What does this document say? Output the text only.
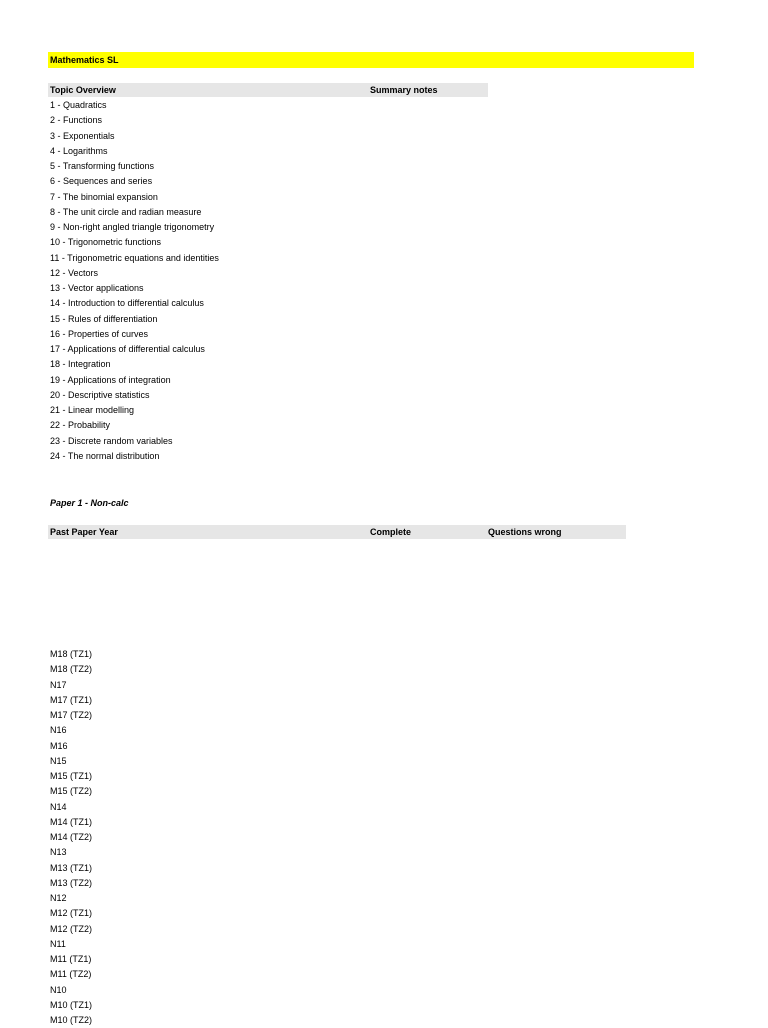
Mathematics SL
Topic Overview	Summary notes
1 - Quadratics
2 - Functions
3 - Exponentials
4 - Logarithms
5 - Transforming functions
6 - Sequences and series
7 - The binomial expansion
8 - The unit circle and radian measure
9 - Non-right angled triangle trigonometry
10 - Trigonometric functions
11 - Trigonometric equations and identities
12 - Vectors
13 - Vector applications
14 - Introduction to differential calculus
15 - Rules of differentiation
16 - Properties of curves
17 - Applications of differential calculus
18 - Integration
19 - Applications of integration
20 - Descriptive statistics
21 - Linear modelling
22 - Probability
23 - Discrete random variables
24 - The normal distribution
Paper 1 - Non-calc
Past Paper Year	Complete	Questions wrong
M18 (TZ1)
M18 (TZ2)
N17
M17 (TZ1)
M17 (TZ2)
N16
M16
N15
M15 (TZ1)
M15 (TZ2)
N14
M14 (TZ1)
M14 (TZ2)
N13
M13 (TZ1)
M13 (TZ2)
N12
M12 (TZ1)
M12 (TZ2)
N11
M11 (TZ1)
M11 (TZ2)
N10
M10 (TZ1)
M10 (TZ2)
